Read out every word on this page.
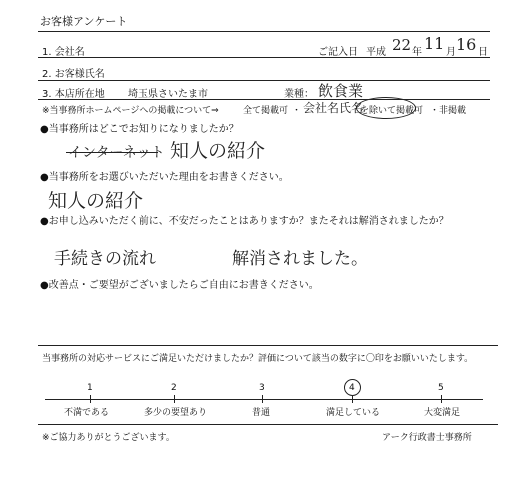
お客様アンケート
1. 会社名	ご記入日 平成 22 年 11 月 16 日
2. お客様氏名
3. 本店所在地 埼玉県さいたま市	業種： 飲食業
※当事務所ホームページへの掲載について⇒	全て掲載可 ・ 会社名氏名
を除いて掲載可 ・非掲載
●当事務所はどこでお知りになりましたか？
インターネット 知人の紹介
●当事務所をお選びいただいた理由をお書きください。
知人の紹介
●お申し込みいただく前に、不安だったことはありますか？またそれは解消されましたか？
手続きの流れ	解消されました。
●改善点・ご要望がございましたらご自由にお書きください。
当事務所の対応サービスにご満足いただけましたか？評価について該当の数字に〇印をお願いいたします。
1	2	3	4	5
不満である	多少の要望あり	普通	満足している	大変満足
※ご協力ありがとうございます。	アーク行政書士事務所
